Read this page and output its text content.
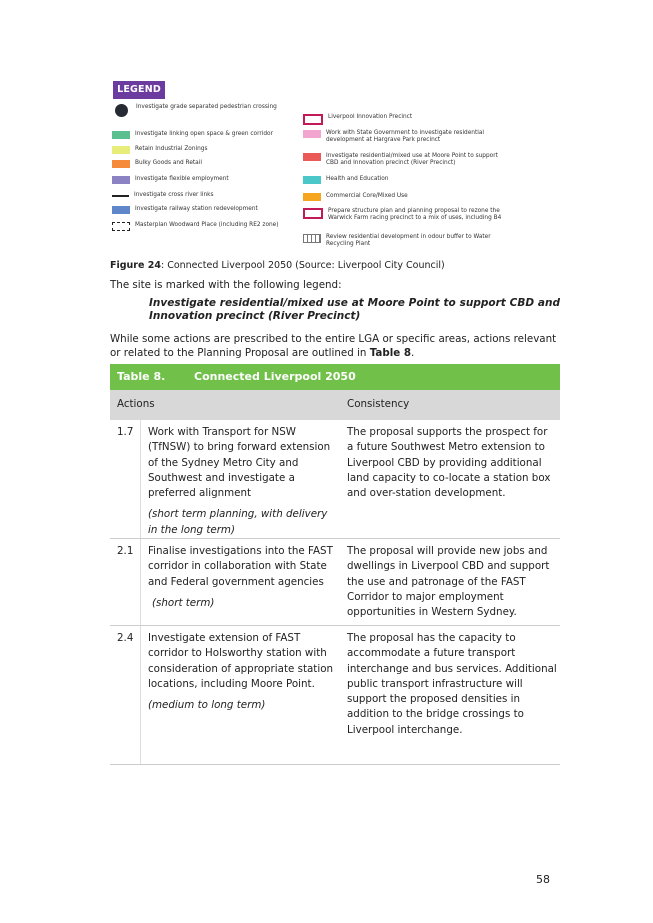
LEGEND
Investigate grade separated pedestrian crossing
Investigate linking open space & green corridor
Retain Industrial Zonings
Bulky Goods and Retail
Investigate flexible employment
Investigate cross river links
Investigate railway station redevelopment
Masterplan Woodward Place (including RE2 zone)
Liverpool Innovation Precinct
Work with State Government to investigate residential development at Hargrave Park precinct
Investigate residential/mixed use at Moore Point to support CBD and Innovation precinct (River Precinct)
Health and Education
Commercial Core/Mixed Use
Prepare structure plan and planning proposal to rezone the Warwick Farm racing precinct to a mix of uses, including B4
Review residential development in odour buffer to Water Recycling Plant
Figure 24: Connected Liverpool 2050 (Source: Liverpool City Council)
The site is marked with the following legend:
Investigate residential/mixed use at Moore Point to support CBD and Innovation precinct (River Precinct)
While some actions are prescribed to the entire LGA or specific areas, actions relevant or related to the Planning Proposal are outlined in Table 8.
Table 8.	Connected Liverpool 2050
Actions	Consistency
1.7 Work with Transport for NSW (TfNSW) to bring forward extension of the Sydney Metro City and Southwest and investigate a preferred alignment
(short term planning, with delivery in the long term)
The proposal supports the prospect for a future Southwest Metro extension to Liverpool CBD by providing additional land capacity to co-locate a station box and over-station development.
2.1 Finalise investigations into the FAST corridor in collaboration with State and Federal government agencies
(short term)
The proposal will provide new jobs and dwellings in Liverpool CBD and support the use and patronage of the FAST Corridor to major employment opportunities in Western Sydney.
2.4 Investigate extension of FAST corridor to Holsworthy station with consideration of appropriate station locations, including Moore Point.
(medium to long term)
The proposal has the capacity to accommodate a future transport interchange and bus services. Additional public transport infrastructure will support the proposed densities in addition to the bridge crossings to Liverpool interchange.
58
